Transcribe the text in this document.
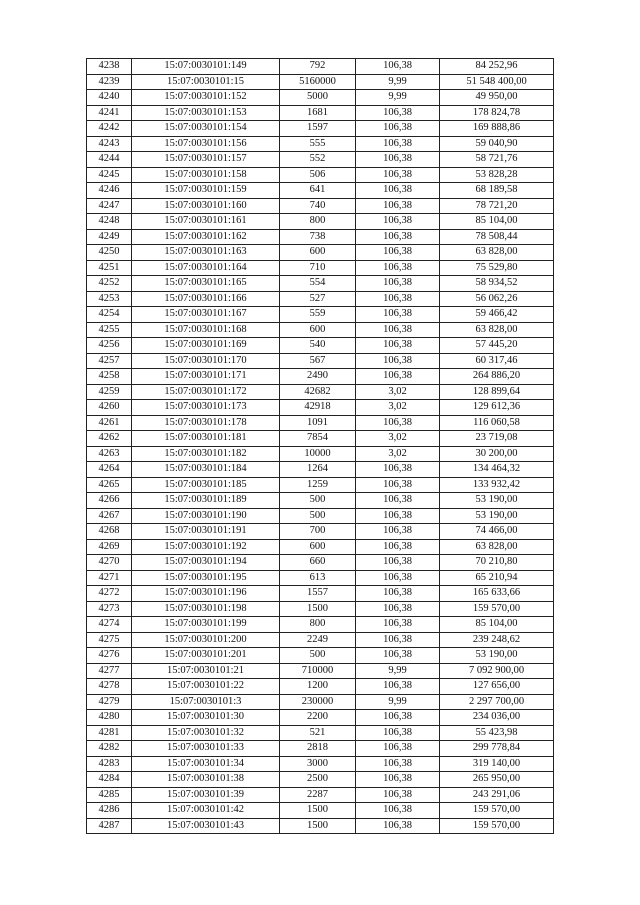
4238	15:07:0030101:149	792	106,38	84 252,96
4239	15:07:0030101:15	5160000	9,99	51 548 400,00
4240	15:07:0030101:152	5000	9,99	49 950,00
4241	15:07:0030101:153	1681	106,38	178 824,78
4242	15:07:0030101:154	1597	106,38	169 888,86
4243	15:07:0030101:156	555	106,38	59 040,90
4244	15:07:0030101:157	552	106,38	58 721,76
4245	15:07:0030101:158	506	106,38	53 828,28
4246	15:07:0030101:159	641	106,38	68 189,58
4247	15:07:0030101:160	740	106,38	78 721,20
4248	15:07:0030101:161	800	106,38	85 104,00
4249	15:07:0030101:162	738	106,38	78 508,44
4250	15:07:0030101:163	600	106,38	63 828,00
4251	15:07:0030101:164	710	106,38	75 529,80
4252	15:07:0030101:165	554	106,38	58 934,52
4253	15:07:0030101:166	527	106,38	56 062,26
4254	15:07:0030101:167	559	106,38	59 466,42
4255	15:07:0030101:168	600	106,38	63 828,00
4256	15:07:0030101:169	540	106,38	57 445,20
4257	15:07:0030101:170	567	106,38	60 317,46
4258	15:07:0030101:171	2490	106,38	264 886,20
4259	15:07:0030101:172	42682	3,02	128 899,64
4260	15:07:0030101:173	42918	3,02	129 612,36
4261	15:07:0030101:178	1091	106,38	116 060,58
4262	15:07:0030101:181	7854	3,02	23 719,08
4263	15:07:0030101:182	10000	3,02	30 200,00
4264	15:07:0030101:184	1264	106,38	134 464,32
4265	15:07:0030101:185	1259	106,38	133 932,42
4266	15:07:0030101:189	500	106,38	53 190,00
4267	15:07:0030101:190	500	106,38	53 190,00
4268	15:07:0030101:191	700	106,38	74 466,00
4269	15:07:0030101:192	600	106,38	63 828,00
4270	15:07:0030101:194	660	106,38	70 210,80
4271	15:07:0030101:195	613	106,38	65 210,94
4272	15:07:0030101:196	1557	106,38	165 633,66
4273	15:07:0030101:198	1500	106,38	159 570,00
4274	15:07:0030101:199	800	106,38	85 104,00
4275	15:07:0030101:200	2249	106,38	239 248,62
4276	15:07:0030101:201	500	106,38	53 190,00
4277	15:07:0030101:21	710000	9,99	7 092 900,00
4278	15:07:0030101:22	1200	106,38	127 656,00
4279	15:07:0030101:3	230000	9,99	2 297 700,00
4280	15:07:0030101:30	2200	106,38	234 036,00
4281	15:07:0030101:32	521	106,38	55 423,98
4282	15:07:0030101:33	2818	106,38	299 778,84
4283	15:07:0030101:34	3000	106,38	319 140,00
4284	15:07:0030101:38	2500	106,38	265 950,00
4285	15:07:0030101:39	2287	106,38	243 291,06
4286	15:07:0030101:42	1500	106,38	159 570,00
4287	15:07:0030101:43	1500	106,38	159 570,00
